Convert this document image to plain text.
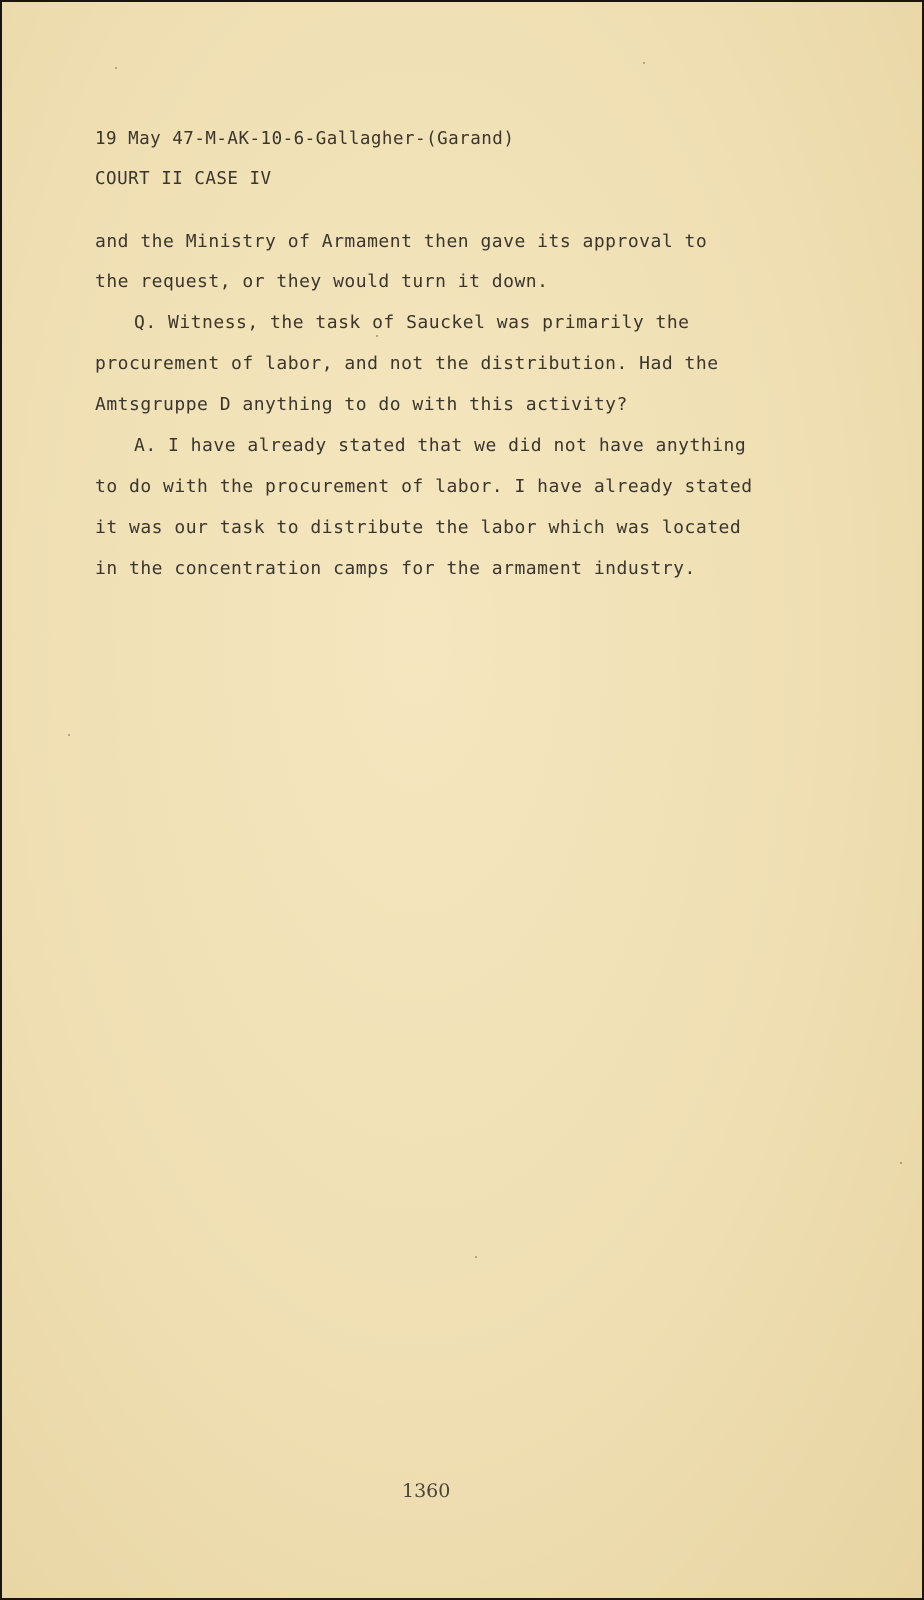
19 May 47-M-AK-10-6-Gallagher-(Garand)

COURT II CASE IV

and the Ministry of Armament then gave its approval to

the request, or they would turn it down.

Q. Witness, the task of Sauckel was primarily the

procurement of labor, and not the distribution. Had the

Amtsgruppe D anything to do with this activity?

A. I have already stated that we did not have anything

to do with the procurement of labor. I have already stated

it was our task to distribute the labor which was located

in the concentration camps for the armament industry.

1360
